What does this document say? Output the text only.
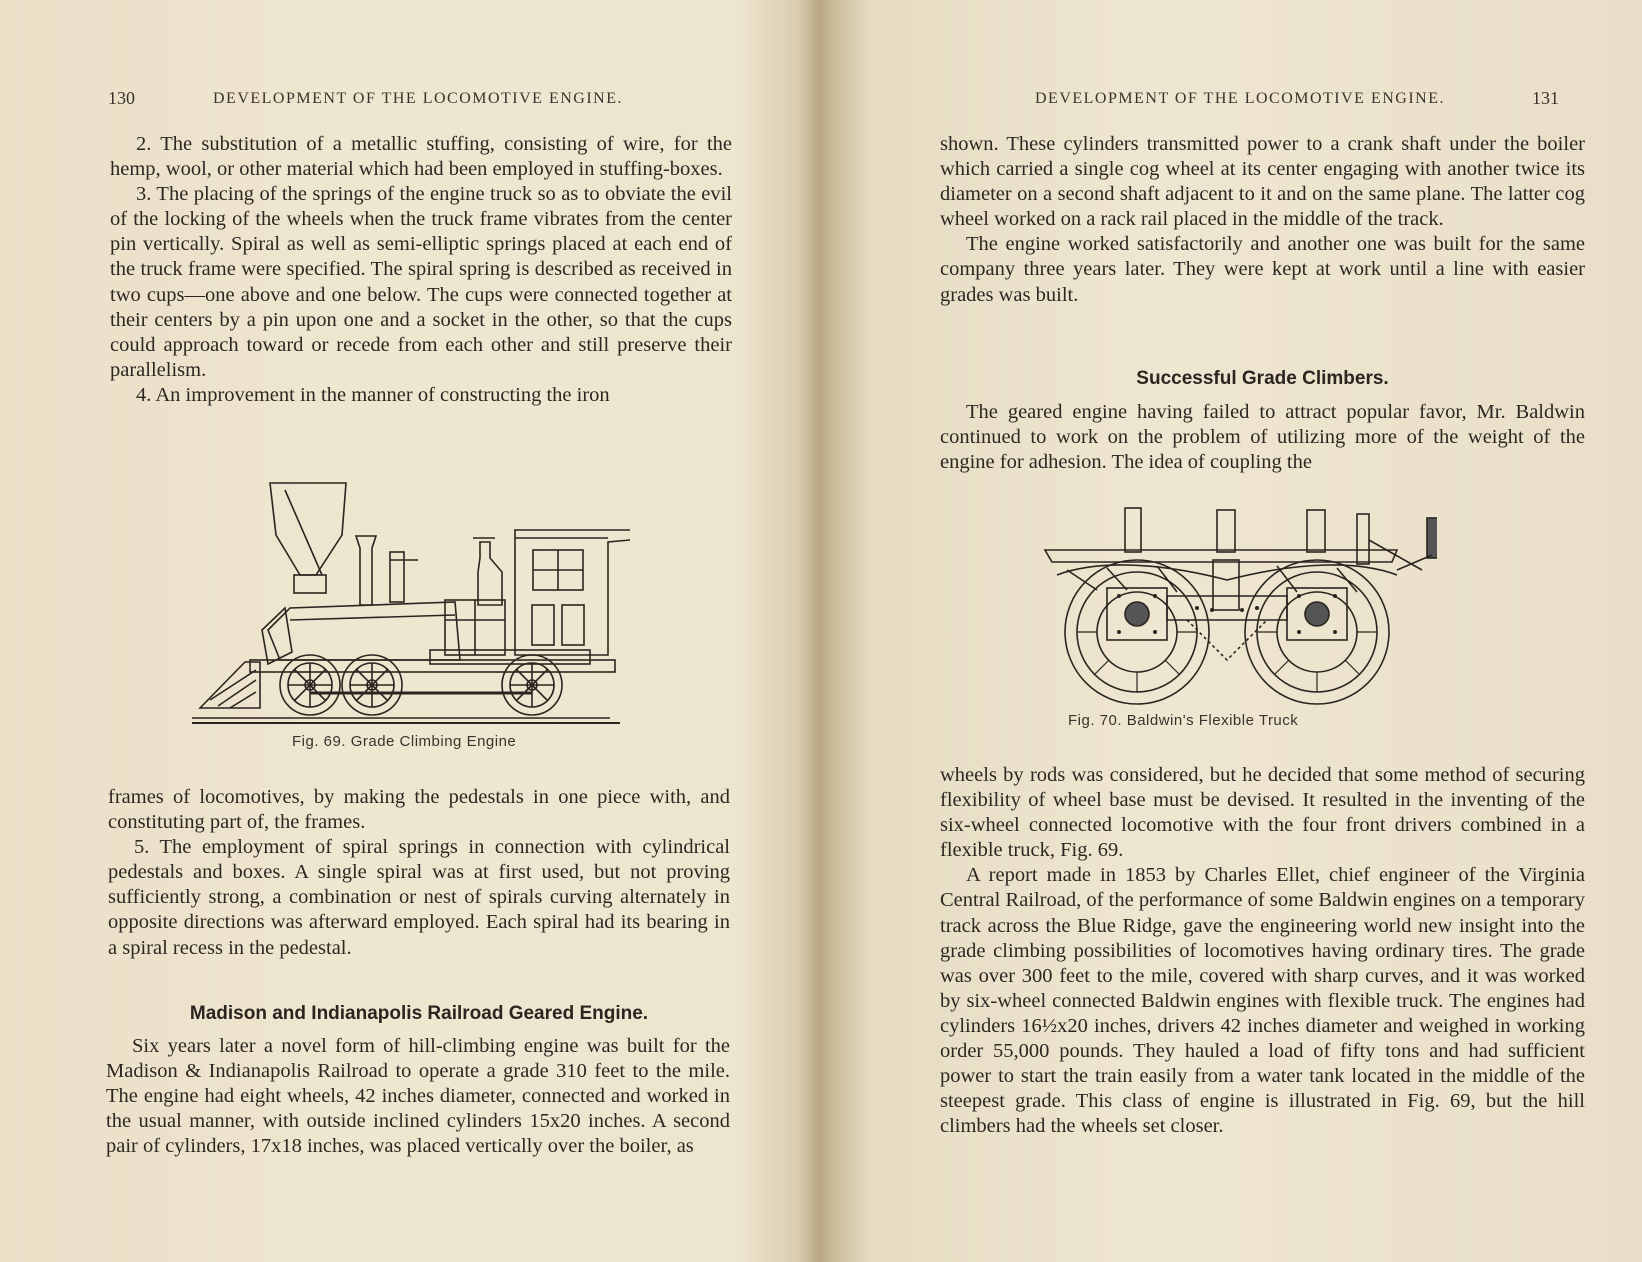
130	DEVELOPMENT OF THE LOCOMOTIVE ENGINE.

2. The substitution of a metallic stuffing, consisting of wire, for the hemp, wool, or other material which had been employed in stuffing-boxes.

3. The placing of the springs of the engine truck so as to obviate the evil of the locking of the wheels when the truck frame vibrates from the center pin vertically. Spiral as well as semi-elliptic springs placed at each end of the truck frame were specified. The spiral spring is described as received in two cups—one above and one below. The cups were connected together at their centers by a pin upon one and a socket in the other, so that the cups could approach toward or recede from each other and still preserve their parallelism.

4. An improvement in the manner of constructing the iron

Fig. 69. Grade Climbing Engine

frames of locomotives, by making the pedestals in one piece with, and constituting part of, the frames.

5. The employment of spiral springs in connection with cylindrical pedestals and boxes. A single spiral was at first used, but not proving sufficiently strong, a combination or nest of spirals curving alternately in opposite directions was afterward employed. Each spiral had its bearing in a spiral recess in the pedestal.

Madison and Indianapolis Railroad Geared Engine.

Six years later a novel form of hill-climbing engine was built for the Madison & Indianapolis Railroad to operate a grade 310 feet to the mile. The engine had eight wheels, 42 inches diameter, connected and worked in the usual manner, with outside inclined cylinders 15x20 inches. A second pair of cylinders, 17x18 inches, was placed vertically over the boiler, as

DEVELOPMENT OF THE LOCOMOTIVE ENGINE.	131

shown. These cylinders transmitted power to a crank shaft under the boiler which carried a single cog wheel at its center engaging with another twice its diameter on a second shaft adjacent to it and on the same plane. The latter cog wheel worked on a rack rail placed in the middle of the track.

The engine worked satisfactorily and another one was built for the same company three years later. They were kept at work until a line with easier grades was built.

Successful Grade Climbers.

The geared engine having failed to attract popular favor, Mr. Baldwin continued to work on the problem of utilizing more of the weight of the engine for adhesion. The idea of coupling the

Fig. 70. Baldwin's Flexible Truck

wheels by rods was considered, but he decided that some method of securing flexibility of wheel base must be devised. It resulted in the inventing of the six-wheel connected locomotive with the four front drivers combined in a flexible truck, Fig. 69.

A report made in 1853 by Charles Ellet, chief engineer of the Virginia Central Railroad, of the performance of some Baldwin engines on a temporary track across the Blue Ridge, gave the engineering world new insight into the grade climbing possibilities of locomotives having ordinary tires. The grade was over 300 feet to the mile, covered with sharp curves, and it was worked by six-wheel connected Baldwin engines with flexible truck. The engines had cylinders 16½x20 inches, drivers 42 inches diameter and weighed in working order 55,000 pounds. They hauled a load of fifty tons and had sufficient power to start the train easily from a water tank located in the middle of the steepest grade. This class of engine is illustrated in Fig. 69, but the hill climbers had the wheels set closer.
